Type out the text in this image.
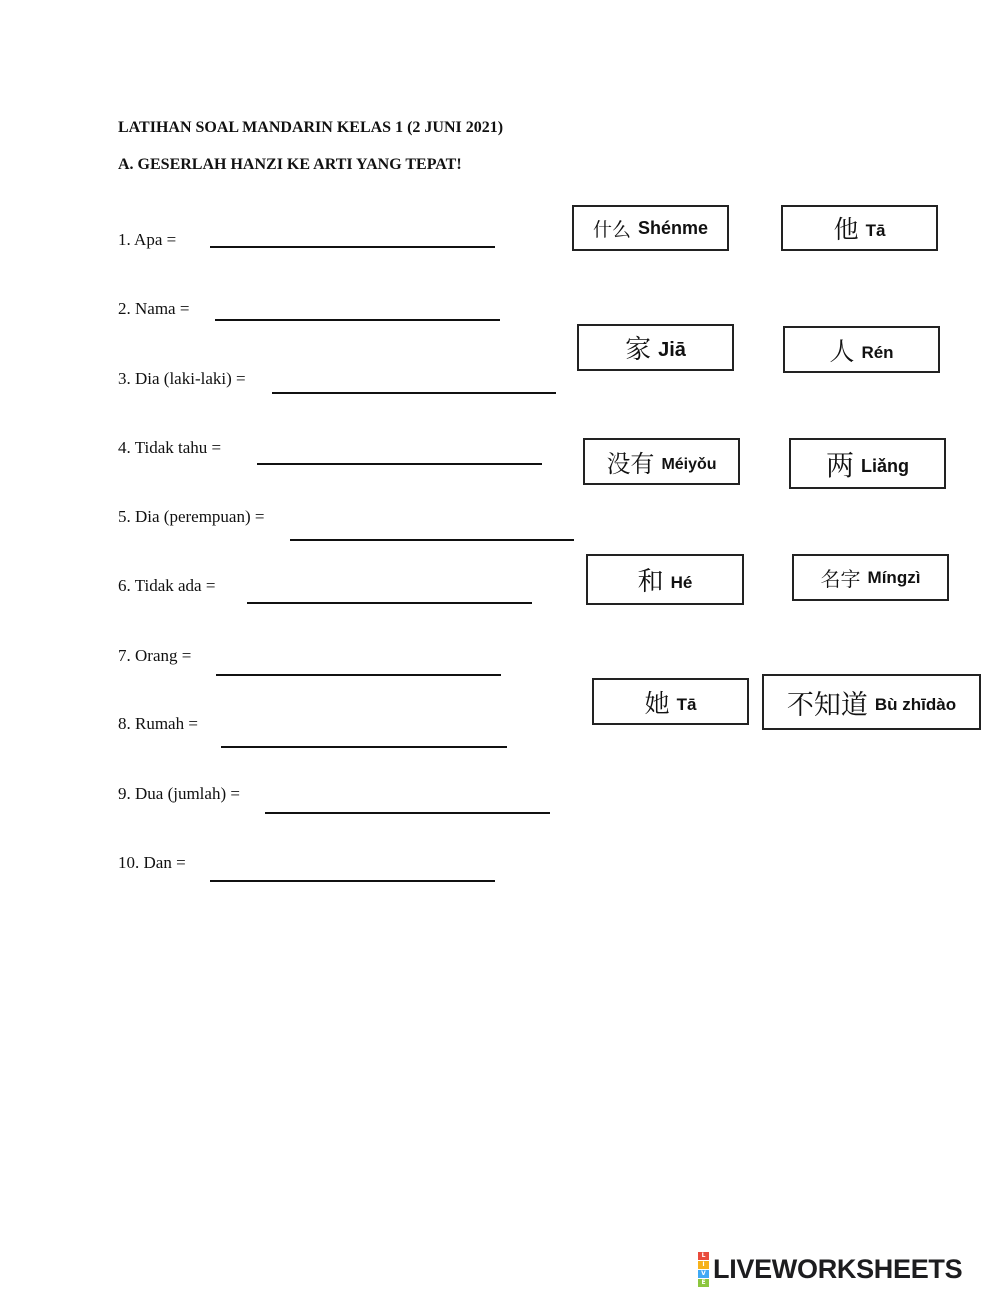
LATIHAN SOAL MANDARIN KELAS 1 (2 JUNI 2021)
A. GESERLAH HANZI KE ARTI YANG TEPAT!
1. Apa =
2. Nama =
3. Dia (laki-laki) =
4. Tidak tahu =
5. Dia (perempuan) =
6. Tidak ada =
7. Orang =
8. Rumah =
9. Dua (jumlah) =
10. Dan =
什么 Shénme	他 Tā
家 Jiā	人 Rén
没有 Méiyǒu	两 Liǎng
和 Hé	名字 Míngzì
她 Tā	不知道 Bù zhīdào
L
I
V
E LIVEWORKSHEETS
